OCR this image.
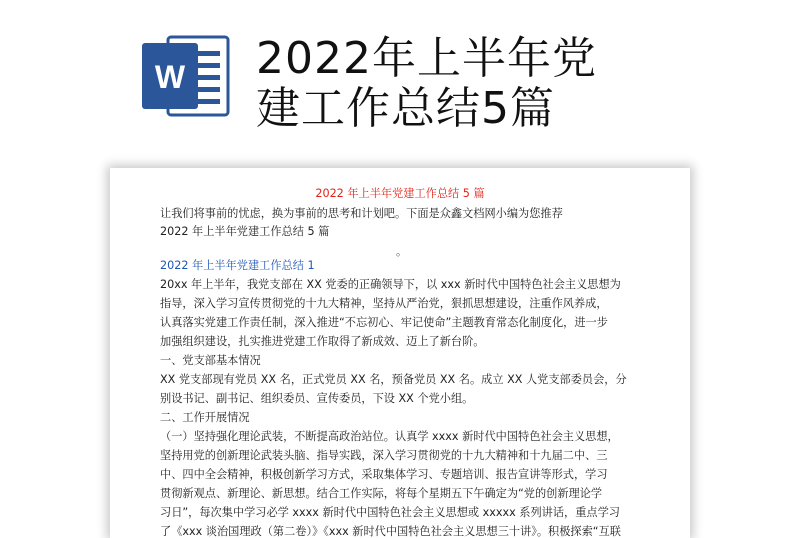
W 2022年上半年党
建工作总结5篇
2022 年上半年党建工作总结 5 篇
让我们将事前的忧虑，换为事前的思考和计划吧。下面是众鑫文档网小编为您推荐
2022 年上半年党建工作总结 5 篇
。
2022 年上半年党建工作总结 1
20xx 年上半年，我党支部在 XX 党委的正确领导下，以 xxx 新时代中国特色社会主义思想为
指导，深入学习宣传贯彻党的十九大精神，坚持从严治党，狠抓思想建设，注重作风养成，
认真落实党建工作责任制，深入推进“不忘初心、牢记使命”主题教育常态化制度化，进一步
加强组织建设，扎实推进党建工作取得了新成效、迈上了新台阶。
一、党支部基本情况
XX 党支部现有党员 XX 名，正式党员 XX 名，预备党员 XX 名。成立 XX 人党支部委员会，分
别设书记、副书记、组织委员、宣传委员，下设 XX 个党小组。
二、工作开展情况
（一）坚持强化理论武装，不断提高政治站位。认真学 xxxx 新时代中国特色社会主义思想，
坚持用党的创新理论武装头脑、指导实践，深入学习贯彻党的十九大精神和十九届二中、三
中、四中全会精神，积极创新学习方式，采取集体学习、专题培训、报告宣讲等形式，学习
贯彻新观点、新理论、新思想。结合工作实际，将每个星期五下午确定为“党的创新理论学
习日”，每次集中学习必学 xxxx 新时代中国特色社会主义思想或 xxxxx 系列讲话，重点学习
了《xxx 谈治国理政（第二卷）》《xxx 新时代中国特色社会主义思想三十讲》。积极探索“互联
